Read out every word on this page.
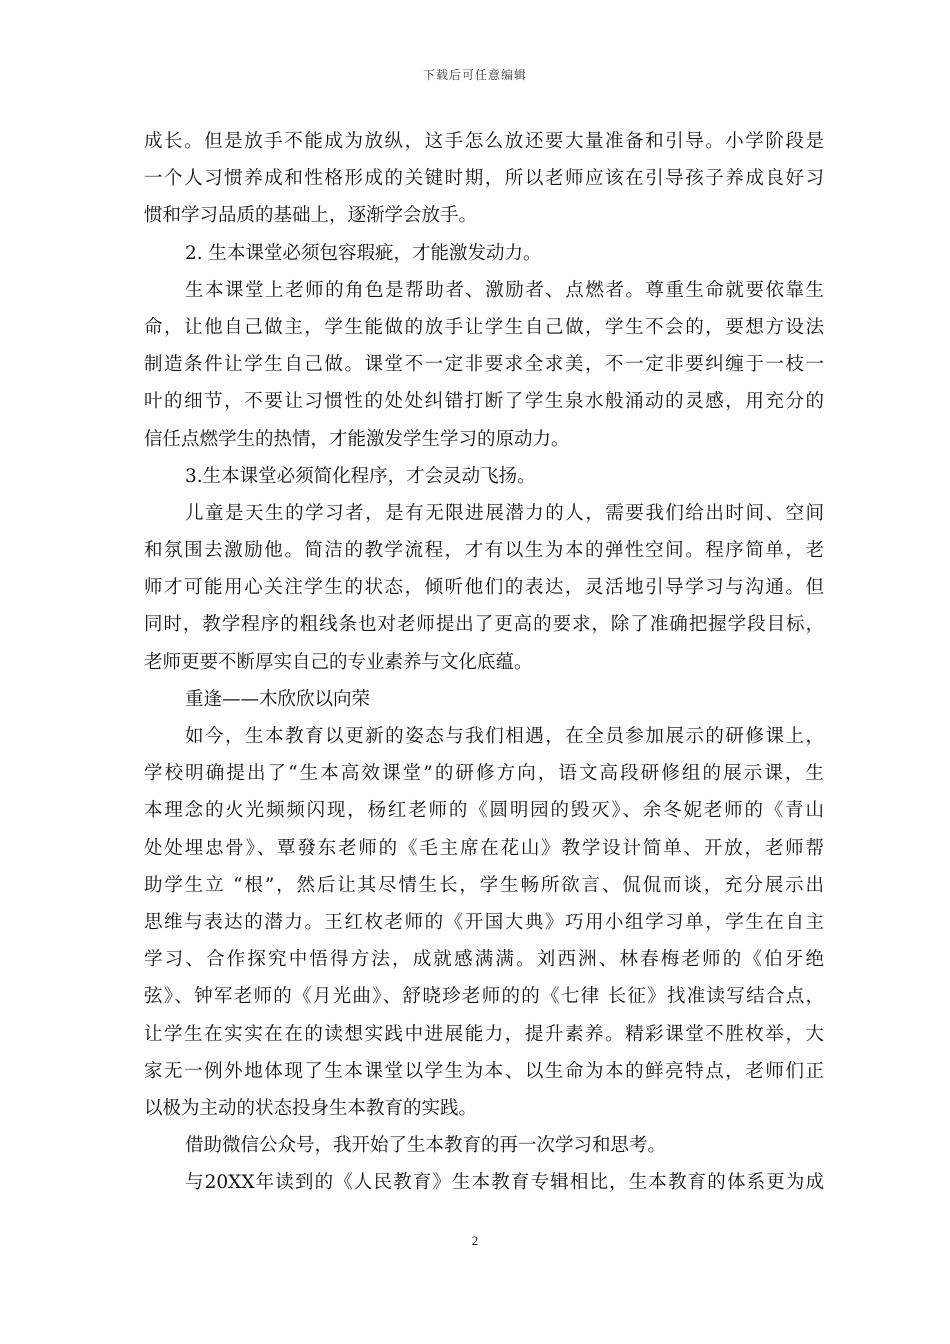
下载后可任意编辑
成长。但是放手不能成为放纵，这手怎么放还要大量准备和引导。小学阶段是
一个人习惯养成和性格形成的关键时期，所以老师应该在引导孩子养成良好习
惯和学习品质的基础上，逐渐学会放手。
2. 生本课堂必须包容瑕疵，才能激发动力。
生本课堂上老师的角色是帮助者、激励者、点燃者。尊重生命就要依靠生
命，让他自己做主，学生能做的放手让学生自己做，学生不会的，要想方设法
制造条件让学生自己做。课堂不一定非要求全求美，不一定非要纠缠于一枝一
叶的细节，不要让习惯性的处处纠错打断了学生泉水般涌动的灵感，用充分的
信任点燃学生的热情，才能激发学生学习的原动力。
3.生本课堂必须简化程序，才会灵动飞扬。
儿童是天生的学习者，是有无限进展潜力的人，需要我们给出时间、空间
和氛围去激励他。简洁的教学流程，才有以生为本的弹性空间。程序简单，老
师才可能用心关注学生的状态，倾听他们的表达，灵活地引导学习与沟通。但
同时，教学程序的粗线条也对老师提出了更高的要求，除了准确把握学段目标，
老师更要不断厚实自己的专业素养与文化底蕴。
重逢——木欣欣以向荣
如今，生本教育以更新的姿态与我们相遇，在全员参加展示的研修课上，
学校明确提出了“生本高效课堂”的研修方向，语文高段研修组的展示课，生
本理念的火光频频闪现，杨红老师的《圆明园的毁灭》、余冬妮老师的《青山
处处埋忠骨》、覃發东老师的《毛主席在花山》教学设计简单、开放，老师帮
助学生立 “根”，然后让其尽情生长，学生畅所欲言、侃侃而谈，充分展示出
思维与表达的潜力。王红枚老师的《开国大典》巧用小组学习单，学生在自主
学习、合作探究中悟得方法，成就感满满。刘西洲、林春梅老师的《伯牙绝
弦》、钟军老师的《月光曲》、舒晓珍老师的的《七律 长征》找准读写结合点，
让学生在实实在在的读想实践中进展能力，提升素养。精彩课堂不胜枚举，大
家无一例外地体现了生本课堂以学生为本、以生命为本的鲜亮特点，老师们正
以极为主动的状态投身生本教育的实践。
借助微信公众号，我开始了生本教育的再一次学习和思考。
与20XX年读到的《人民教育》生本教育专辑相比，生本教育的体系更为成
2
